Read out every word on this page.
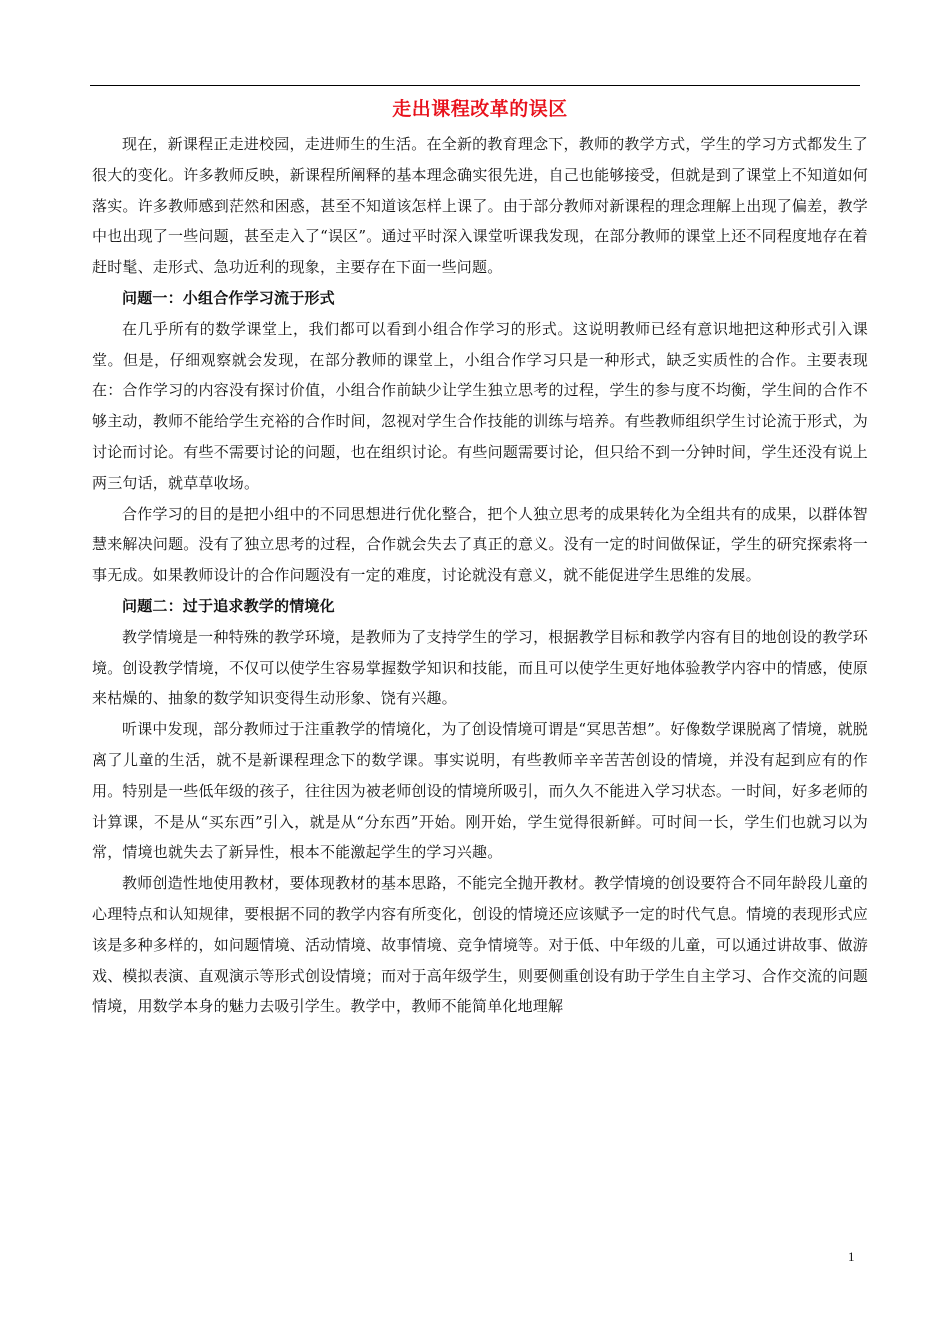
走出课程改革的误区

现在，新课程正走进校园，走进师生的生活。在全新的教育理念下，教师的教学方式，学生的学习方式都发生了很大的变化。许多教师反映，新课程所阐释的基本理念确实很先进，自己也能够接受，但就是到了课堂上不知道如何落实。许多教师感到茫然和困惑，甚至不知道该怎样上课了。由于部分教师对新课程的理念理解上出现了偏差，教学中也出现了一些问题，甚至走入了“误区”。通过平时深入课堂听课我发现，在部分教师的课堂上还不同程度地存在着赶时髦、走形式、急功近利的现象，主要存在下面一些问题。

问题一：小组合作学习流于形式

在几乎所有的数学课堂上，我们都可以看到小组合作学习的形式。这说明教师已经有意识地把这种形式引入课堂。但是，仔细观察就会发现，在部分教师的课堂上，小组合作学习只是一种形式，缺乏实质性的合作。主要表现在：合作学习的内容没有探讨价值，小组合作前缺少让学生独立思考的过程，学生的参与度不均衡，学生间的合作不够主动，教师不能给学生充裕的合作时间，忽视对学生合作技能的训练与培养。有些教师组织学生讨论流于形式，为讨论而讨论。有些不需要讨论的问题，也在组织讨论。有些问题需要讨论，但只给不到一分钟时间，学生还没有说上两三句话，就草草收场。

合作学习的目的是把小组中的不同思想进行优化整合，把个人独立思考的成果转化为全组共有的成果，以群体智慧来解决问题。没有了独立思考的过程，合作就会失去了真正的意义。没有一定的时间做保证，学生的研究探索将一事无成。如果教师设计的合作问题没有一定的难度，讨论就没有意义，就不能促进学生思维的发展。

问题二：过于追求教学的情境化

教学情境是一种特殊的教学环境，是教师为了支持学生的学习，根据教学目标和教学内容有目的地创设的教学环境。创设教学情境，不仅可以使学生容易掌握数学知识和技能，而且可以使学生更好地体验教学内容中的情感，使原来枯燥的、抽象的数学知识变得生动形象、饶有兴趣。

听课中发现，部分教师过于注重教学的情境化，为了创设情境可谓是“冥思苦想”。好像数学课脱离了情境，就脱离了儿童的生活，就不是新课程理念下的数学课。事实说明，有些教师辛辛苦苦创设的情境，并没有起到应有的作用。特别是一些低年级的孩子，往往因为被老师创设的情境所吸引，而久久不能进入学习状态。一时间，好多老师的计算课，不是从“买东西”引入，就是从“分东西”开始。刚开始，学生觉得很新鲜。可时间一长，学生们也就习以为常，情境也就失去了新异性，根本不能激起学生的学习兴趣。

教师创造性地使用教材，要体现教材的基本思路，不能完全抛开教材。教学情境的创设要符合不同年龄段儿童的心理特点和认知规律，要根据不同的教学内容有所变化，创设的情境还应该赋予一定的时代气息。情境的表现形式应该是多种多样的，如问题情境、活动情境、故事情境、竞争情境等。对于低、中年级的儿童，可以通过讲故事、做游戏、模拟表演、直观演示等形式创设情境；而对于高年级学生，则要侧重创设有助于学生自主学习、合作交流的问题情境，用数学本身的魅力去吸引学生。教学中，教师不能简单化地理解

1
